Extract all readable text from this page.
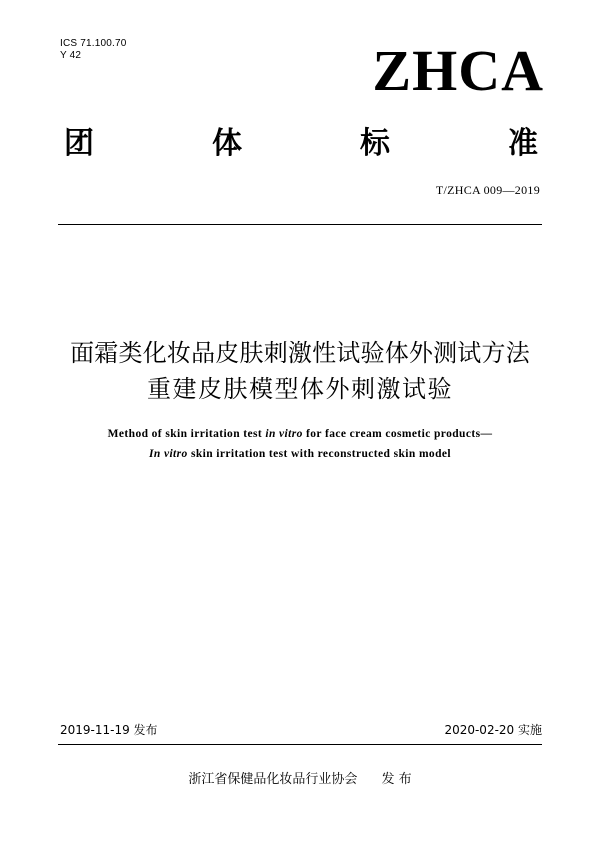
ICS 71.100.70
Y 42	ZHCA
团	体	标	准
T/ZHCA 009—2019
面霜类化妆品皮肤刺激性试验体外测试方法
重建皮肤模型体外刺激试验
Method of skin irritation test in vitro for face cream cosmetic products—
In vitro skin irritation test with reconstructed skin model
2019-11-19 发布	2020-02-20 实施
浙江省保健品化妆品行业协会 发 布
